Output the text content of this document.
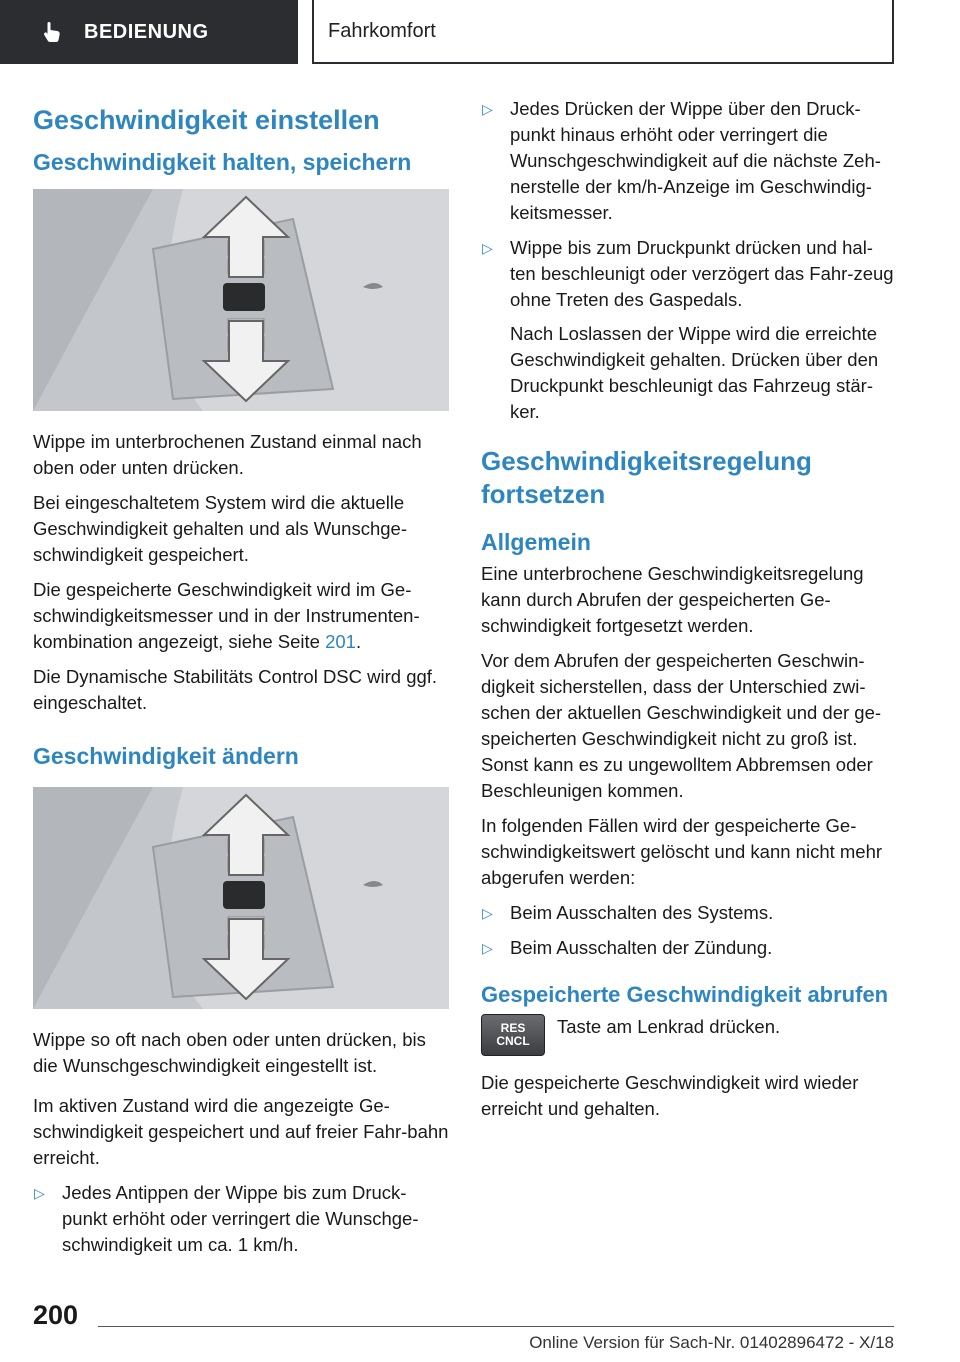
BEDIENUNG	Fahrkomfort
Geschwindigkeit einstellen
Geschwindigkeit halten, speichern

Wippe im unterbrochenen Zustand einmal nach oben oder unten drücken.

Bei eingeschaltetem System wird die aktuelle Geschwindigkeit gehalten und als Wunschge-schwindigkeit gespeichert.

Die gespeicherte Geschwindigkeit wird im Ge-schwindigkeitsmesser und in der Instrumenten-kombination angezeigt, siehe Seite 201.

Die Dynamische Stabilitäts Control DSC wird ggf. eingeschaltet.

Geschwindigkeit ändern

Wippe so oft nach oben oder unten drücken, bis die Wunschgeschwindigkeit eingestellt ist.

Im aktiven Zustand wird die angezeigte Ge-schwindigkeit gespeichert und auf freier Fahr-bahn erreicht.

▷ Jedes Antippen der Wippe bis zum Druck-punkt erhöht oder verringert die Wunschge-schwindigkeit um ca. 1 km/h.
▷ Jedes Drücken der Wippe über den Druck-punkt hinaus erhöht oder verringert die Wunschgeschwindigkeit auf die nächste Zeh-nerstelle der km/h-Anzeige im Geschwindig-keitsmesser.
▷ Wippe bis zum Druckpunkt drücken und hal-ten beschleunigt oder verzögert das Fahr-zeug ohne Treten des Gaspedals.

Nach Loslassen der Wippe wird die erreichte Geschwindigkeit gehalten. Drücken über den Druckpunkt beschleunigt das Fahrzeug stär-ker.

Geschwindigkeitsregelung fortsetzen
Allgemein

Eine unterbrochene Geschwindigkeitsregelung kann durch Abrufen der gespeicherten Ge-schwindigkeit fortgesetzt werden.

Vor dem Abrufen der gespeicherten Geschwin-digkeit sicherstellen, dass der Unterschied zwi-schen der aktuellen Geschwindigkeit und der ge-speicherten Geschwindigkeit nicht zu groß ist. Sonst kann es zu ungewolltem Abbremsen oder Beschleunigen kommen.

In folgenden Fällen wird der gespeicherte Ge-schwindigkeitswert gelöscht und kann nicht mehr abgerufen werden:

▷ Beim Ausschalten des Systems.
▷ Beim Ausschalten der Zündung.
Gespeicherte Geschwindigkeit abrufen
RES
CNCL

Taste am Lenkrad drücken.

Die gespeicherte Geschwindigkeit wird wieder erreicht und gehalten.

200
Online Version für Sach-Nr. 01402896472 - X/18
